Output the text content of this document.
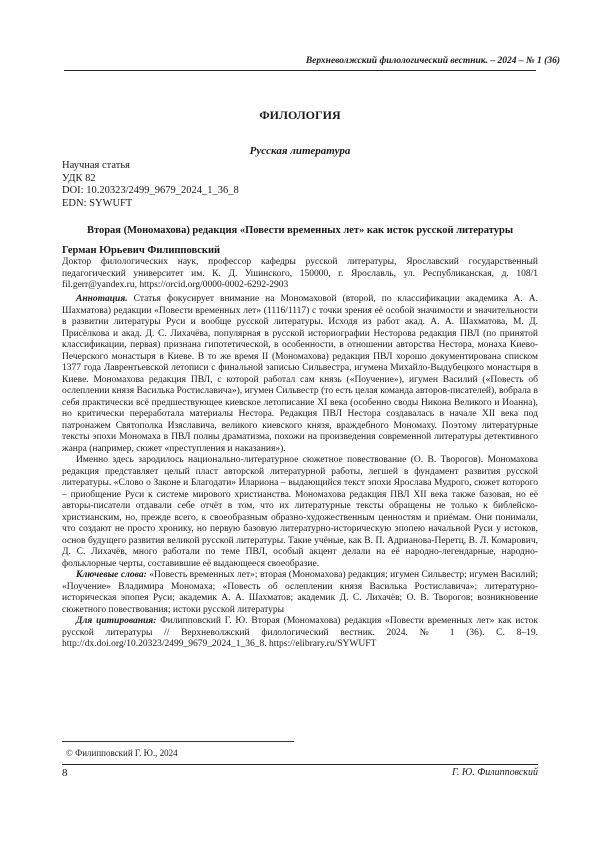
Верхневолжский филологический вестник. – 2024 – № 1 (36)
ФИЛОЛОГИЯ
Русская литература
Научная статья
УДК 82
DOI: 10.20323/2499_9679_2024_1_36_8
EDN: SYWUFT
Вторая (Мономахова) редакция «Повести временных лет» как исток русской литературы
Герман Юрьевич Филипповский
Доктор филологических наук, профессор кафедры русской литературы, Ярославский государственный педагогический университет им. К. Д. Ушинского, 150000, г. Ярославль, ул. Республиканская, д. 108/1 fil.gerr@yandex.ru, https://orcid.org/0000-0002-6292-2903

Аннотация. Статья фокусирует внимание на Мономаховой (второй, по классификации академика А. А. Шахматова) редакции «Повести временных лет» (1116/1117) с точки зрения её особой значимости и значительности в развитии литературы Руси и вообще русской литературы. Исходя из работ акад. А. А. Шахматова, М. Д. Присёлкова и акад. Д. С. Лихачёва, популярная в русской историографии Несторова редакция ПВЛ (по принятой классификации, первая) признана гипотетической, в особенности, в отношении авторства Нестора, монаха Киево-Печерского монастыря в Киеве. В то же время II (Мономахова) редакция ПВЛ хорошо документирована списком 1377 года Лаврентьевской летописи с финальной записью Сильвестра, игумена Михайло-Выдубецкого монастыря в Киеве. Мономахова редакция ПВЛ, с которой работал сам князь («Поучение»), игумен Василий («Повесть об ослеплении князя Василька Ростиславича»), игумен Сильвестр (то есть целая команда авторов-писателей), вобрала в себя практически всё предшествующее киевское летописание XI века (особенно своды Никона Великого и Иоанна), но критически переработала материалы Нестора. Редакция ПВЛ Нестора создавалась в начале XII века под патронажем Святополка Изяславича, великого киевского князя, враждебного Мономаху. Поэтому литературные тексты эпохи Мономаха в ПВЛ полны драматизма, похожи на произведения современной литературы детективного жанра (например, сюжет «преступления и наказания»).

Именно здесь зародилось национально-литературное сюжетное повествование (О. В. Творогов). Мономахова редакция представляет целый пласт авторской литературной работы, легшей в фундамент развития русской литературы. «Слово о Законе и Благодати» Илариона – выдающийся текст эпохи Ярослава Мудрого, сюжет которого – приобщение Руси к системе мирового христианства. Мономахова редакция ПВЛ XII века также базовая, но её авторы-писатели отдавали себе отчёт в том, что их литературные тексты обращены не только к библейско-христианским, но, прежде всего, к своеобразным образно-художественным ценностям и приёмам. Они понимали, что создают не просто хронику, но первую базовую литературно-историческую эпопею начальной Руси у истоков, основ будущего развития великой русской литературы. Такие учёные, как В. П. Адрианова-Перетц, В. Л. Комарович, Д. С. Лихачёв, много работали по теме ПВЛ, особый акцент делали на её народно-легендарные, народно-фольклорные черты, составившие её выдающееся своеобразие.

Ключевые слова: «Повесть временных лет»; вторая (Мономахова) редакция; игумен Сильвестр; игумен Василий; «Поучение» Владимира Мономаха; «Повесть об ослеплении князя Василька Ростиславича»; литературно-историческая эпопея Руси; академик А. А. Шахматов; академик Д. С. Лихачёв; О. В. Творогов; возникновение сюжетного повествования; истоки русской литературы

Для цитирования: Филипповский Г. Ю. Вторая (Мономахова) редакция «Повести временных лет» как исток русской литературы // Верхневолжский филологический вестник. 2024. № 1 (36). С. 8–19. http://dx.doi.org/10.20323/2499_9679_2024_1_36_8. https://elibrary.ru/SYWUFT

© Филипповский Г. Ю., 2024
8	Г. Ю. Филипповский
